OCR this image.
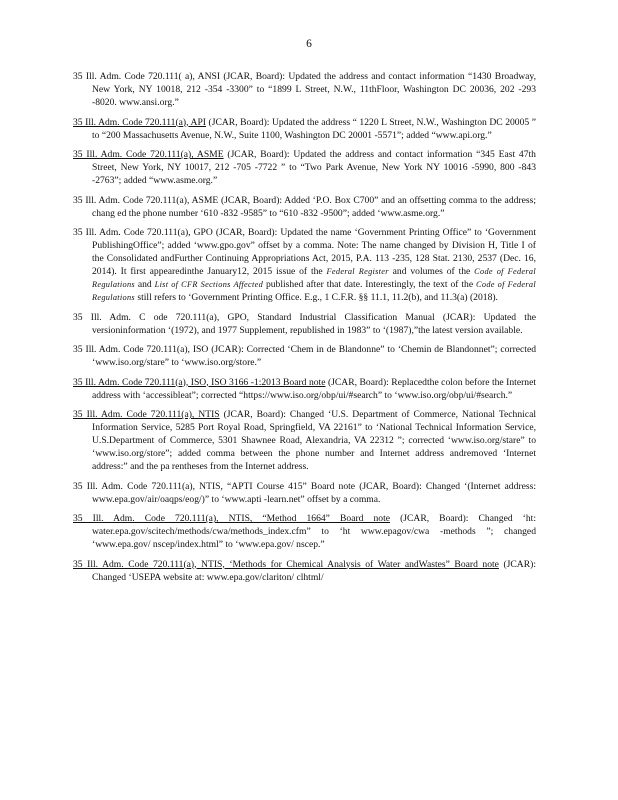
6
35 Ill. Adm. Code 720.111( a), ANSI (JCAR, Board): Updated the address and contact information “1430 Broadway, New York, NY 10018, 212 -354 -3300” to “1899 L Street, N.W., 11thFloor, Washington DC 20036, 202 -293 -8020. www.ansi.org.”
35 Ill. Adm. Code 720.111(a), API (JCAR, Board): Updated the address “ 1220 L Street, N.W., Washington DC 20005 ” to “200 Massachusetts Avenue, N.W., Suite 1100, Washington DC 20001 -5571”; added “www.api.org.”
35 Ill. Adm. Code 720.111(a), ASME (JCAR, Board): Updated the address and contact information “345 East 47th Street, New York, NY 10017, 212 -705 -7722 ” to “Two Park Avenue, New York NY 10016 -5990, 800 -843 -2763”; added “www.asme.org.”
35 Ill. Adm. Code 720.111(a), ASME (JCAR, Board): Added ‘P.O. Box C700” and an offsetting comma to the address; chang ed the phone number ‘610 -832 -9585” to “610 -832 -9500”; added ‘www.asme.org.”
35 Ill. Adm. Code 720.111(a), GPO (JCAR, Board): Updated the name ‘Government Printing Office” to ‘Government PublishingOffice”; added ‘www.gpo.gov” offset by a comma. Note: The name changed by Division H, Title I of the Consolidated andFurther Continuing Appropriations Act, 2015, P.A. 113 -235, 128 Stat. 2130, 2537 (Dec. 16, 2014). It first appearedinthe January12, 2015 issue of the Federal Register and volumes of the Code of Federal Regulations and List of CFR Sections Affected published after that date. Interestingly, the text of the Code of Federal Regulations still refers to ‘Government Printing Office. E.g., 1 C.F.R. §§ 11.1, 11.2(b), and 11.3(a) (2018).
35 Ill. Adm. C ode 720.111(a), GPO, Standard Industrial Classification Manual (JCAR): Updated the versioninformation ‘(1972), and 1977 Supplement, republished in 1983” to ‘(1987),”the latest version available.
35 Ill. Adm. Code 720.111(a), ISO (JCAR): Corrected ‘Chem in de Blandonne” to ‘Chemin de Blandonnet”; corrected ‘www.iso.org/stare” to ‘www.iso.org/store.”
35 Ill. Adm. Code 720.111(a), ISO, ISO 3166 -1:2013 Board note (JCAR, Board): Replacedthe colon before the Internet address with ‘accessibleat”; corrected “https://www.iso.org/obp/ui/#search” to ‘www.iso.org/obp/ui/#search.”
35 Ill. Adm. Code 720.111(a), NTIS (JCAR, Board): Changed ‘U.S. Department of Commerce, National Technical Information Service, 5285 Port Royal Road, Springfield, VA 22161” to ‘National Technical Information Service, U.S.Department of Commerce, 5301 Shawnee Road, Alexandria, VA 22312 ”; corrected ‘www.iso.org/stare” to ‘www.iso.org/store”; added comma between the phone number and Internet address andremoved ‘Internet address:” and the pa rentheses from the Internet address.
35 Ill. Adm. Code 720.111(a), NTIS, “APTI Course 415” Board note (JCAR, Board): Changed ‘(Internet address: www.epa.gov/air/oaqps/eog/)” to ‘www.apti -learn.net” offset by a comma.
35 Ill. Adm. Code 720.111(a), NTIS, “Method 1664” Board note (JCAR, Board): Changed ‘ht: water.epa.gov/scitech/methods/cwa/methods_index.cfm” to ‘ht www.epagov/cwa -methods ”; changed ‘www.epa.gov/ nscep/index.html” to ‘www.epa.gov/ nscep.”
35 Ill. Adm. Code 720.111(a), NTIS, ‘Methods for Chemical Analysis of Water andWastes” Board note (JCAR): Changed ‘USEPA website at: www.epa.gov/clariton/ clhtml/
